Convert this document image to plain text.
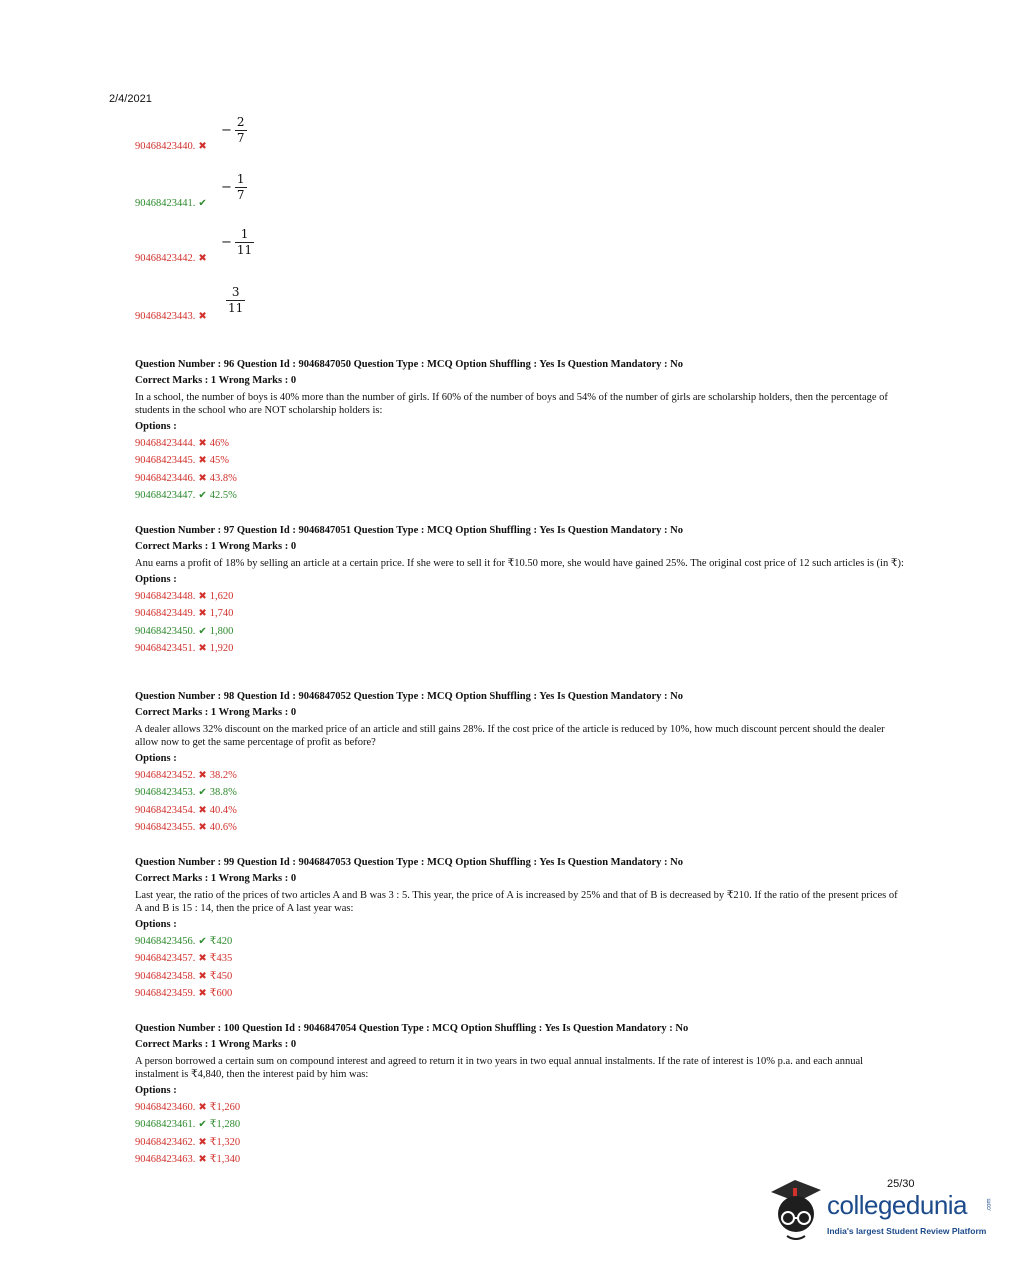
2/4/2021
90468423440. ✖
− $\frac{2}{7}$
90468423441. ✔
− $\frac{1}{7}$
90468423442. ✖
− $\frac{1}{11}$
90468423443. ✖
$\frac{3}{11}$
Question Number : 96 Question Id : 9046847050 Question Type : MCQ Option Shuffling : Yes Is Question Mandatory : No
Correct Marks : 1 Wrong Marks : 0
In a school, the number of boys is 40% more than the number of girls. If 60% of the number of boys and 54% of the number of girls are scholarship holders, then the percentage of students in the school who are NOT scholarship holders is:
Options :
90468423444. ✖ 46%
90468423445. ✖ 45%
90468423446. ✖ 43.8%
90468423447. ✔ 42.5%
Question Number : 97 Question Id : 9046847051 Question Type : MCQ Option Shuffling : Yes Is Question Mandatory : No
Correct Marks : 1 Wrong Marks : 0
Anu earns a profit of 18% by selling an article at a certain price. If she were to sell it for ₹10.50 more, she would have gained 25%. The original cost price of 12 such articles is (in ₹):
Options :
90468423448. ✖ 1,620
90468423449. ✖ 1,740
90468423450. ✔ 1,800
90468423451. ✖ 1,920
Question Number : 98 Question Id : 9046847052 Question Type : MCQ Option Shuffling : Yes Is Question Mandatory : No
Correct Marks : 1 Wrong Marks : 0
A dealer allows 32% discount on the marked price of an article and still gains 28%. If the cost price of the article is reduced by 10%, how much discount percent should the dealer allow now to get the same percentage of profit as before?
Options :
90468423452. ✖ 38.2%
90468423453. ✔ 38.8%
90468423454. ✖ 40.4%
90468423455. ✖ 40.6%
Question Number : 99 Question Id : 9046847053 Question Type : MCQ Option Shuffling : Yes Is Question Mandatory : No
Correct Marks : 1 Wrong Marks : 0
Last year, the ratio of the prices of two articles A and B was 3 : 5. This year, the price of A is increased by 25% and that of B is decreased by ₹210. If the ratio of the present prices of A and B is 15 : 14, then the price of A last year was:
Options :
90468423456. ✔ ₹420
90468423457. ✖ ₹435
90468423458. ✖ ₹450
90468423459. ✖ ₹600
Question Number : 100 Question Id : 9046847054 Question Type : MCQ Option Shuffling : Yes Is Question Mandatory : No
Correct Marks : 1 Wrong Marks : 0
A person borrowed a certain sum on compound interest and agreed to return it in two years in two equal annual instalments. If the rate of interest is 10% p.a. and each annual instalment is ₹4,840, then the interest paid by him was:
Options :
90468423460. ✖ ₹1,260
90468423461. ✔ ₹1,280
90468423462. ✖ ₹1,320
90468423463. ✖ ₹1,340
25/30
collegedunia	.com
India's largest Student Review Platform
